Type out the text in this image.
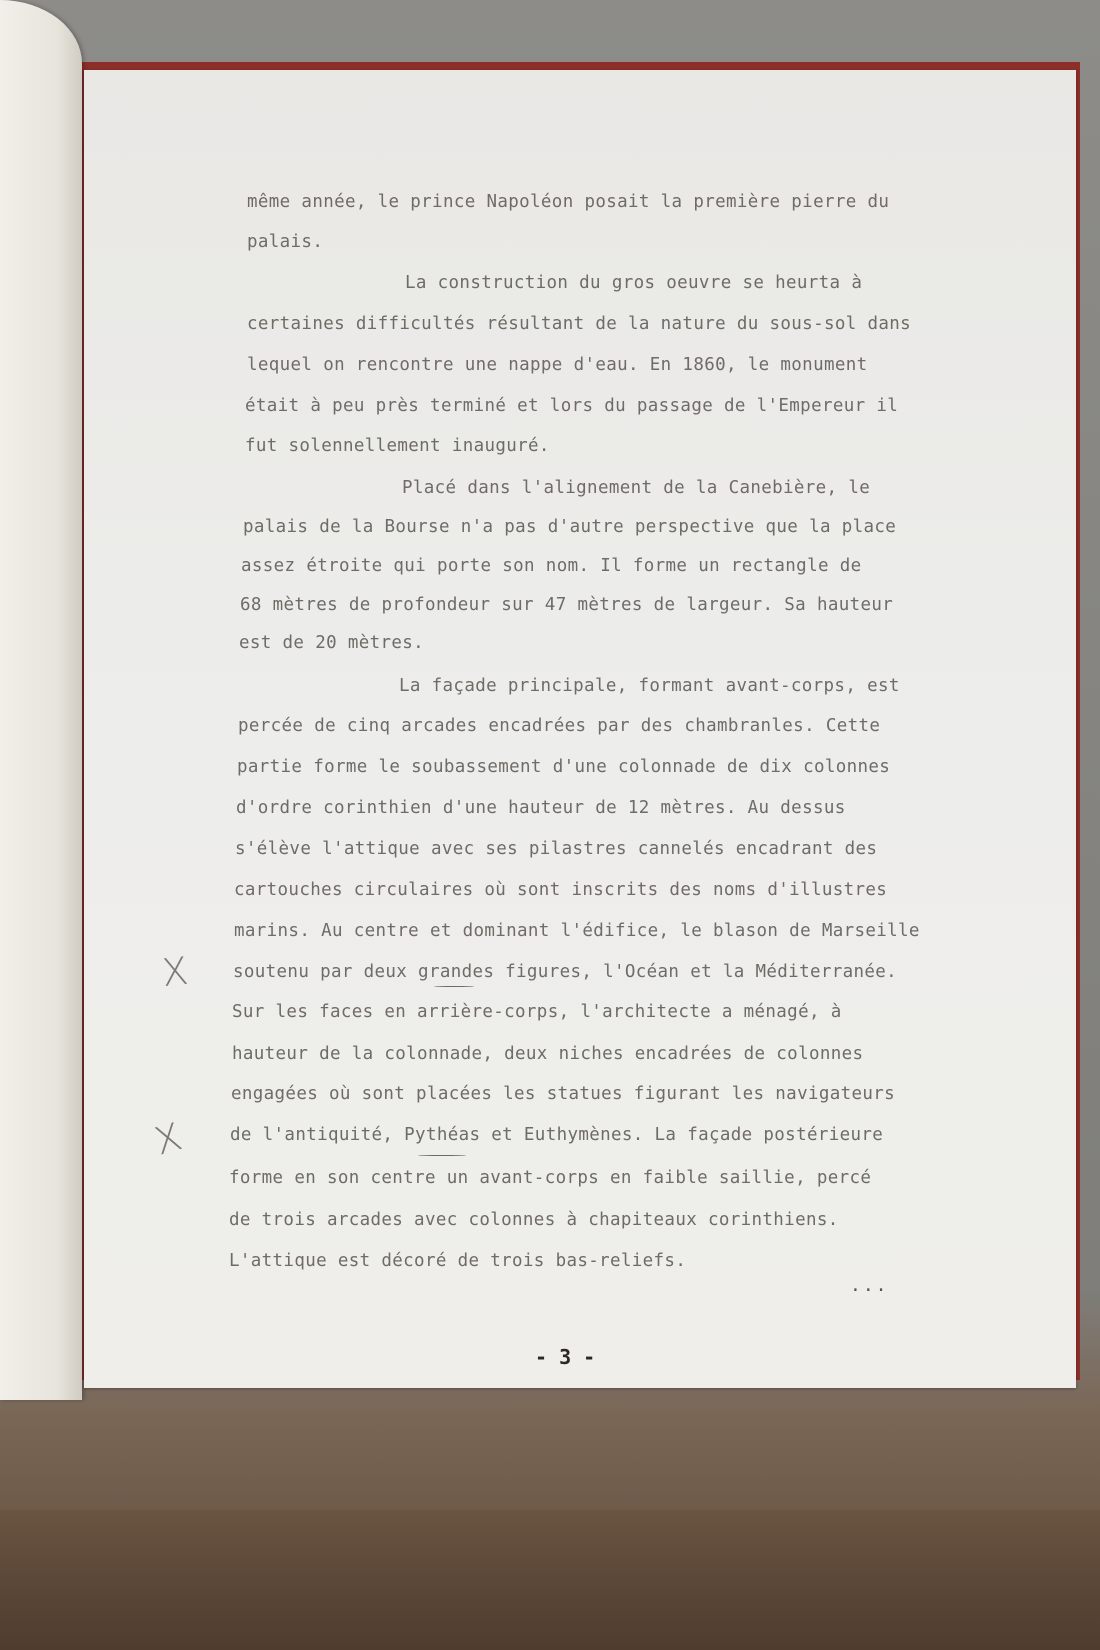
même année, le prince Napoléon posait la première pierre du

palais.

La construction du gros oeuvre se heurta à

certaines difficultés résultant de la nature du sous-sol dans

lequel on rencontre une nappe d'eau. En 1860, le monument

était à peu près terminé et lors du passage de l'Empereur il

fut solennellement inauguré.

Placé dans l'alignement de la Canebière, le

palais de la Bourse n'a pas d'autre perspective que la place

assez étroite qui porte son nom. Il forme un rectangle de

68 mètres de profondeur sur 47 mètres de largeur. Sa hauteur

est de 20 mètres.

La façade principale, formant avant-corps, est

percée de cinq arcades encadrées par des chambranles. Cette

partie forme le soubassement d'une colonnade de dix colonnes

d'ordre corinthien d'une hauteur de 12 mètres. Au dessus

s'élève l'attique avec ses pilastres cannelés encadrant des

cartouches circulaires où sont inscrits des noms d'illustres

marins. Au centre et dominant l'édifice, le blason de Marseille

soutenu par deux grandes figures, l'Océan et la Méditerranée.

Sur les faces en arrière-corps, l'architecte a ménagé, à

hauteur de la colonnade, deux niches encadrées de colonnes

engagées où sont placées les statues figurant les navigateurs

de l'antiquité, Pythéas et Euthymènes. La façade postérieure

forme en son centre un avant-corps en faible saillie, percé

de trois arcades avec colonnes à chapiteaux corinthiens.

L'attique est décoré de trois bas-reliefs.

...
- 3 -
X
X
